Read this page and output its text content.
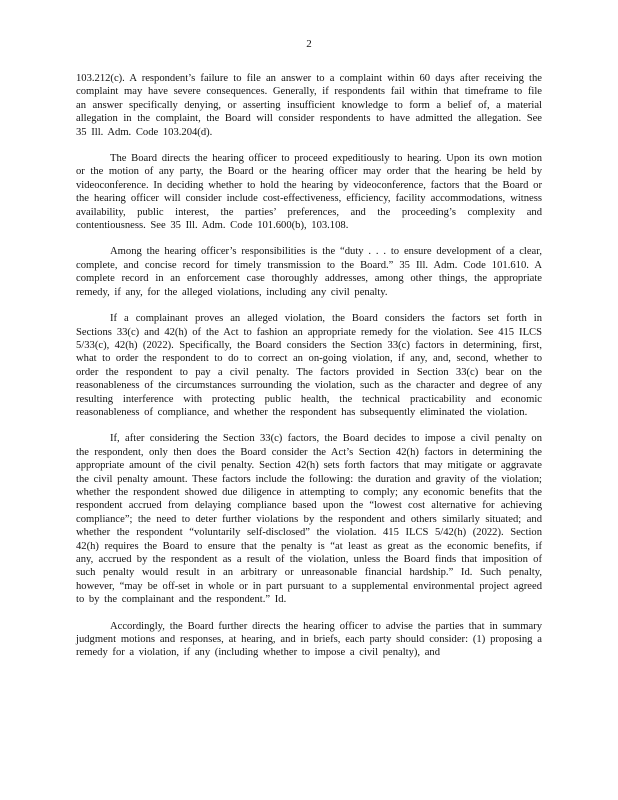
2

103.212(c). A respondent’s failure to file an answer to a complaint within 60 days after receiving the complaint may have severe consequences. Generally, if respondents fail within that timeframe to file an answer specifically denying, or asserting insufficient knowledge to form a belief of, a material allegation in the complaint, the Board will consider respondents to have admitted the allegation. See 35 Ill. Adm. Code 103.204(d).

The Board directs the hearing officer to proceed expeditiously to hearing. Upon its own motion or the motion of any party, the Board or the hearing officer may order that the hearing be held by videoconference. In deciding whether to hold the hearing by videoconference, factors that the Board or the hearing officer will consider include cost-effectiveness, efficiency, facility accommodations, witness availability, public interest, the parties’ preferences, and the proceeding’s complexity and contentiousness. See 35 Ill. Adm. Code 101.600(b), 103.108.

Among the hearing officer’s responsibilities is the “duty . . . to ensure development of a clear, complete, and concise record for timely transmission to the Board.” 35 Ill. Adm. Code 101.610. A complete record in an enforcement case thoroughly addresses, among other things, the appropriate remedy, if any, for the alleged violations, including any civil penalty.

If a complainant proves an alleged violation, the Board considers the factors set forth in Sections 33(c) and 42(h) of the Act to fashion an appropriate remedy for the violation. See 415 ILCS 5/33(c), 42(h) (2022). Specifically, the Board considers the Section 33(c) factors in determining, first, what to order the respondent to do to correct an on-going violation, if any, and, second, whether to order the respondent to pay a civil penalty. The factors provided in Section 33(c) bear on the reasonableness of the circumstances surrounding the violation, such as the character and degree of any resulting interference with protecting public health, the technical practicability and economic reasonableness of compliance, and whether the respondent has subsequently eliminated the violation.

If, after considering the Section 33(c) factors, the Board decides to impose a civil penalty on the respondent, only then does the Board consider the Act’s Section 42(h) factors in determining the appropriate amount of the civil penalty. Section 42(h) sets forth factors that may mitigate or aggravate the civil penalty amount. These factors include the following: the duration and gravity of the violation; whether the respondent showed due diligence in attempting to comply; any economic benefits that the respondent accrued from delaying compliance based upon the “lowest cost alternative for achieving compliance”; the need to deter further violations by the respondent and others similarly situated; and whether the respondent “voluntarily self-disclosed” the violation. 415 ILCS 5/42(h) (2022). Section 42(h) requires the Board to ensure that the penalty is “at least as great as the economic benefits, if any, accrued by the respondent as a result of the violation, unless the Board finds that imposition of such penalty would result in an arbitrary or unreasonable financial hardship.” Id. Such penalty, however, “may be off-set in whole or in part pursuant to a supplemental environmental project agreed to by the complainant and the respondent.” Id.

Accordingly, the Board further directs the hearing officer to advise the parties that in summary judgment motions and responses, at hearing, and in briefs, each party should consider: (1) proposing a remedy for a violation, if any (including whether to impose a civil penalty), and
